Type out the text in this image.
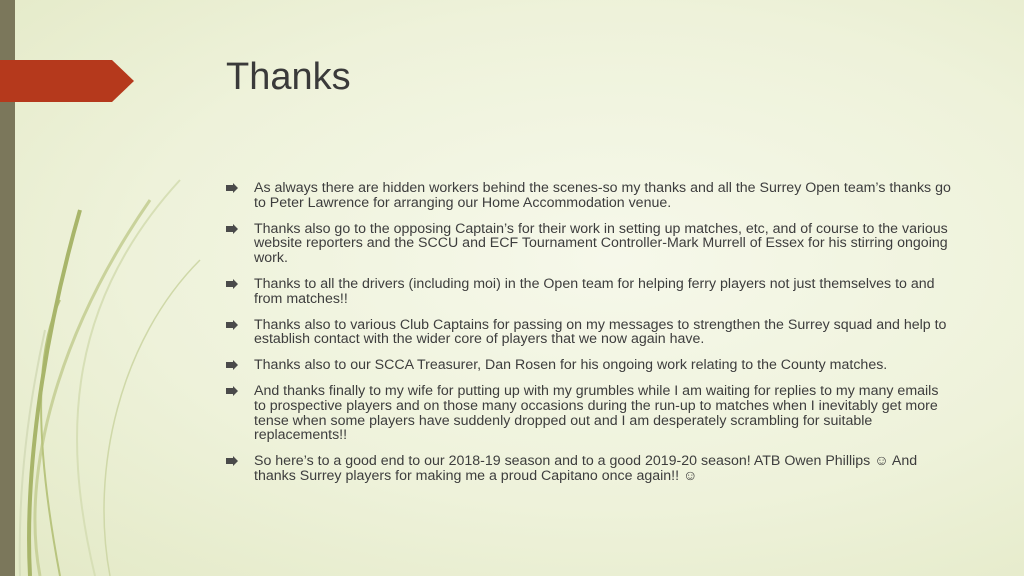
Thanks
As always there are hidden workers behind the scenes-so my thanks and all the Surrey Open team’s thanks go to Peter Lawrence for arranging our Home Accommodation venue.
Thanks also go to the opposing Captain’s for their work in setting up matches, etc, and of course to the various website reporters and the SCCU and ECF Tournament Controller-Mark Murrell of Essex for his stirring ongoing work.
Thanks to all the drivers (including moi) in the Open team for helping ferry players not just themselves to and from matches!!
Thanks also to various Club Captains for passing on my messages to strengthen the Surrey squad and help to establish contact with the wider core of players that we now again have.
Thanks also to our SCCA Treasurer, Dan Rosen for his ongoing work relating to the County matches.
And thanks finally to my wife for putting up with my grumbles while I am waiting for replies to my many emails to prospective players and on those many occasions during the run-up to matches when I inevitably get more tense when some players have suddenly dropped out and I am desperately scrambling for suitable replacements!!
So here’s to a good end to our 2018-19 season and to a good 2019-20 season! ATB Owen Phillips ☺ And thanks Surrey players for making me a proud Capitano once again!! ☺
